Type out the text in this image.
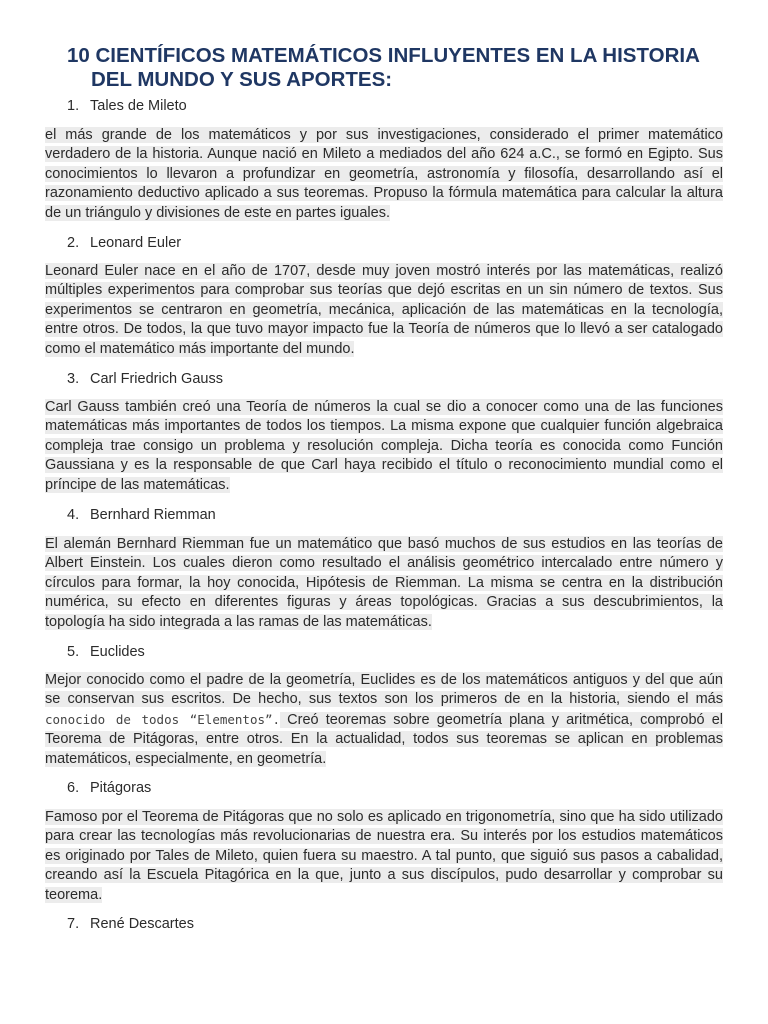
10 CIENTÍFICOS MATEMÁTICOS INFLUYENTES EN LA HISTORIA
DEL MUNDO Y SUS APORTES:

1. Tales de Mileto

el más grande de los matemáticos y por sus investigaciones, considerado el primer matemático verdadero de la historia. Aunque nació en Mileto a mediados del año 624 a.C., se formó en Egipto. Sus conocimientos lo llevaron a profundizar en geometría, astronomía y filosofía, desarrollando así el razonamiento deductivo aplicado a sus teoremas. Propuso la fórmula matemática para calcular la altura de un triángulo y divisiones de este en partes iguales.

2. Leonard Euler

Leonard Euler nace en el año de 1707, desde muy joven mostró interés por las matemáticas, realizó múltiples experimentos para comprobar sus teorías que dejó escritas en un sin número de textos. Sus experimentos se centraron en geometría, mecánica, aplicación de las matemáticas en la tecnología, entre otros. De todos, la que tuvo mayor impacto fue la Teoría de números que lo llevó a ser catalogado como el matemático más importante del mundo.

3. Carl Friedrich Gauss

Carl Gauss también creó una Teoría de números la cual se dio a conocer como una de las funciones matemáticas más importantes de todos los tiempos. La misma expone que cualquier función algebraica compleja trae consigo un problema y resolución compleja. Dicha teoría es conocida como Función Gaussiana y es la responsable de que Carl haya recibido el título o reconocimiento mundial como el príncipe de las matemáticas.

4. Bernhard Riemman

El alemán Bernhard Riemman fue un matemático que basó muchos de sus estudios en las teorías de Albert Einstein. Los cuales dieron como resultado el análisis geométrico intercalado entre número y círculos para formar, la hoy conocida, Hipótesis de Riemman. La misma se centra en la distribución numérica, su efecto en diferentes figuras y áreas topológicas. Gracias a sus descubrimientos, la topología ha sido integrada a las ramas de las matemáticas.

5. Euclides

Mejor conocido como el padre de la geometría, Euclides es de los matemáticos antiguos y del que aún se conservan sus escritos. De hecho, sus textos son los primeros de en la historia, siendo el más conocido de todos “Elementos”. Creó teoremas sobre geometría plana y aritmética, comprobó el Teorema de Pitágoras, entre otros. En la actualidad, todos sus teoremas se aplican en problemas matemáticos, especialmente, en geometría.

6. Pitágoras

Famoso por el Teorema de Pitágoras que no solo es aplicado en trigonometría, sino que ha sido utilizado para crear las tecnologías más revolucionarias de nuestra era. Su interés por los estudios matemáticos es originado por Tales de Mileto, quien fuera su maestro. A tal punto, que siguió sus pasos a cabalidad, creando así la Escuela Pitagórica en la que, junto a sus discípulos, pudo desarrollar y comprobar su teorema.

7. René Descartes
